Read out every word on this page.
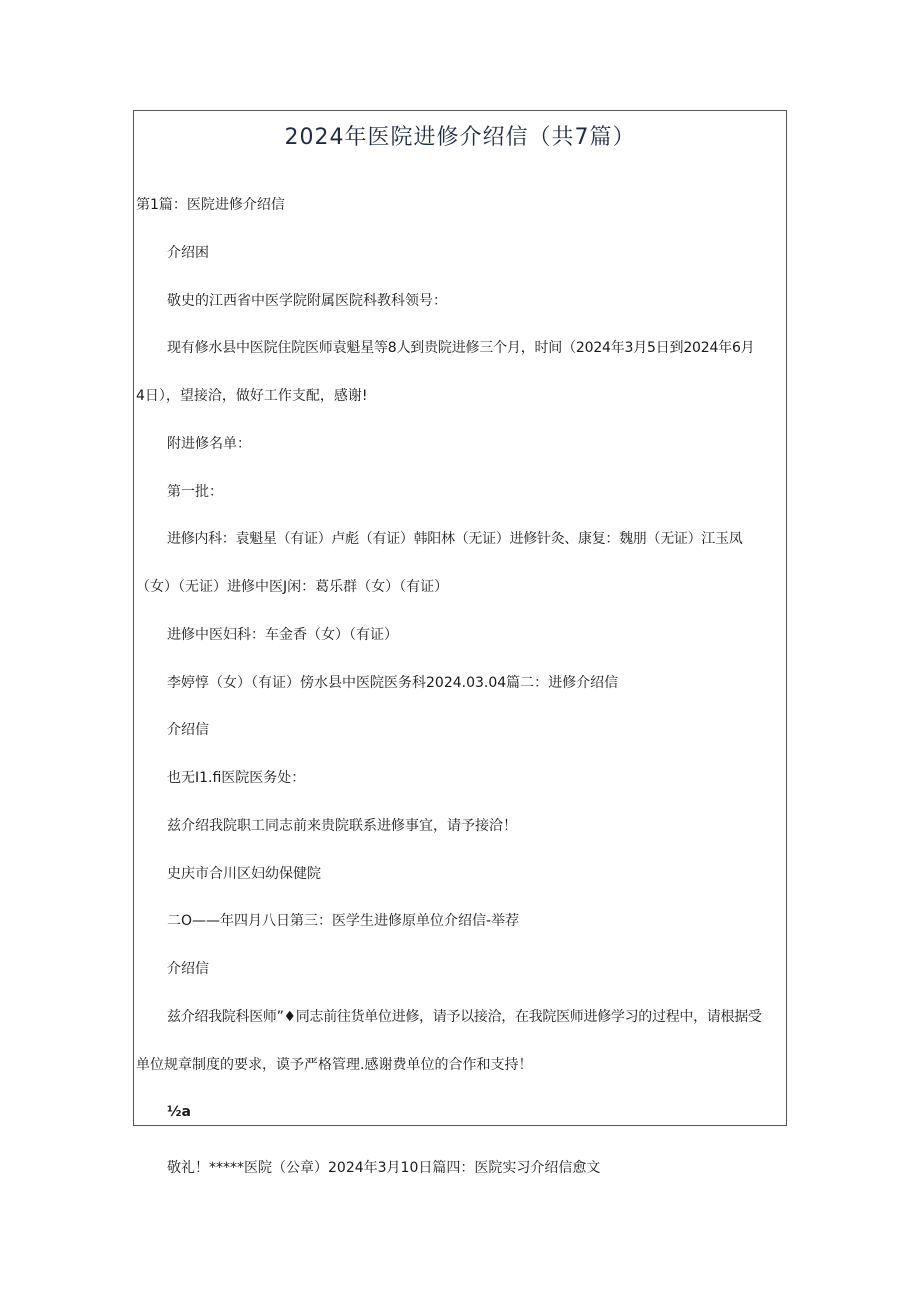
2024年医院进修介绍信（共7篇）
第1篇：医院进修介绍信
介绍困
敬史的江西省中医学院附属医院科教科领号：
现有修水县中医院住院医师袁魁星等8人到贵院进修三个月，时间（2024年3月5日到2024年6月
4日），望接洽，做好工作支配，感谢!
附进修名单：
第一批：
进修内科：袁魁星（有证）卢彪（有证）韩阳林（无证）进修针灸、康复：魏朋（无证）江玉凤
（女）（无证）进修中医J闲：葛乐群（女）（有证）
进修中医妇科：车金香（女）（有证）
李婷惇（女）（有证）傍水县中医院医务科2024.03.04篇二：进修介绍信
介绍信
也无I1.fi医院医务处：
兹介绍我院职工同志前来贵院联系进修事宜，请予接洽！
史庆市合川区妇幼保健院
二O——年四月八日第三：医学生进修原单位介绍信-举荐
介绍信
兹介绍我院科医师”♦同志前往货单位进修，请予以接洽，在我院医师进修学习的过程中，请根据受
单位规章制度的要求，谟予严格管理.感谢费单位的合作和支持！
½a
敬礼！*****医院（公章）2024年3月10日篇四：医院实习介绍信愈文
